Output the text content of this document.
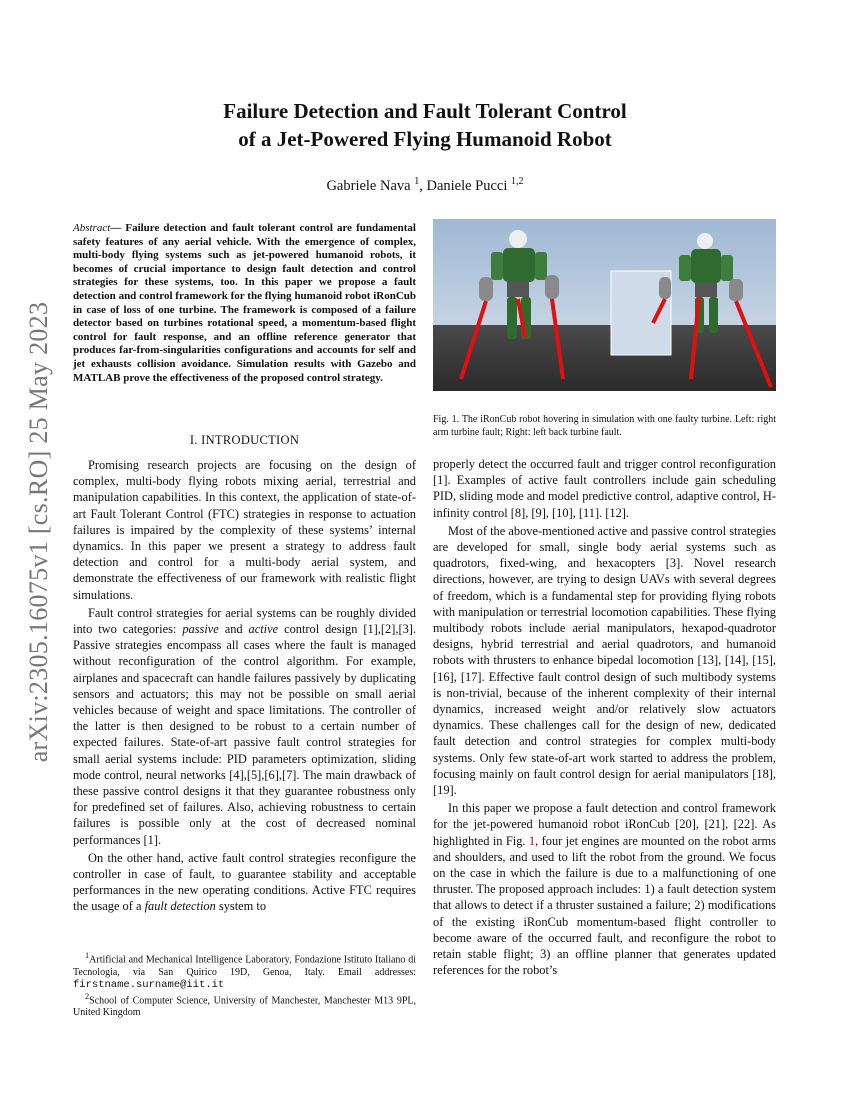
arXiv:2305.16075v1 [cs.RO] 25 May 2023
Failure Detection and Fault Tolerant Control
of a Jet-Powered Flying Humanoid Robot
Gabriele Nava $^1$, Daniele Pucci $^{1,2}$
Abstract— Failure detection and fault tolerant control are fundamental safety features of any aerial vehicle. With the emergence of complex, multi-body flying systems such as jet-powered humanoid robots, it becomes of crucial importance to design fault detection and control strategies for these systems, too. In this paper we propose a fault detection and control framework for the flying humanoid robot iRonCub in case of loss of one turbine. The framework is composed of a failure detector based on turbines rotational speed, a momentum-based flight control for fault response, and an offline reference generator that produces far-from-singularities configurations and accounts for self and jet exhausts collision avoidance. Simulation results with Gazebo and MATLAB prove the effectiveness of the proposed control strategy.
I. INTRODUCTION

Promising research projects are focusing on the design of complex, multi-body flying robots mixing aerial, terrestrial and manipulation capabilities. In this context, the application of state-of-art Fault Tolerant Control (FTC) strategies in response to actuation failures is impaired by the complexity of these systems’ internal dynamics. In this paper we present a strategy to address fault detection and control for a multi-body aerial system, and demonstrate the effectiveness of our framework with realistic flight simulations.

Fault control strategies for aerial systems can be roughly divided into two categories: passive and active control design [1],[2],[3]. Passive strategies encompass all cases where the fault is managed without reconfiguration of the control algorithm. For example, airplanes and spacecraft can handle failures passively by duplicating sensors and actuators; this may not be possible on small aerial vehicles because of weight and space limitations. The controller of the latter is then designed to be robust to a certain number of expected failures. State-of-art passive fault control strategies for small aerial systems include: PID parameters optimization, sliding mode control, neural networks [4],[5],[6],[7]. The main drawback of these passive control designs it that they guarantee robustness only for predefined set of failures. Also, achieving robustness to certain failures is possible only at the cost of decreased nominal performances [1].

On the other hand, active fault control strategies reconfigure the controller in case of fault, to guarantee stability and acceptable performances in the new operating conditions. Active FTC requires the usage of a fault detection system to

$^1$Artificial and Mechanical Intelligence Laboratory, Fondazione Istituto Italiano di Tecnologia, via San Quirico 19D, Genoa, Italy. Email addresses: firstname.surname@iit.it

$^2$School of Computer Science, University of Manchester, Manchester M13 9PL, United Kingdom

Fig. 1. The iRonCub robot hovering in simulation with one faulty turbine. Left: right arm turbine fault; Right: left back turbine fault.

properly detect the occurred fault and trigger control reconfiguration [1]. Examples of active fault controllers include gain scheduling PID, sliding mode and model predictive control, adaptive control, H-infinity control [8], [9], [10], [11]. [12].

Most of the above-mentioned active and passive control strategies are developed for small, single body aerial systems such as quadrotors, fixed-wing, and hexacopters [3]. Novel research directions, however, are trying to design UAVs with several degrees of freedom, which is a fundamental step for providing flying robots with manipulation or terrestrial locomotion capabilities. These flying multibody robots include aerial manipulators, hexapod-quadrotor designs, hybrid terrestrial and aerial quadrotors, and humanoid robots with thrusters to enhance bipedal locomotion [13], [14], [15], [16], [17]. Effective fault control design of such multibody systems is non-trivial, because of the inherent complexity of their internal dynamics, increased weight and/or relatively slow actuators dynamics. These challenges call for the design of new, dedicated fault detection and control strategies for complex multi-body systems. Only few state-of-art work started to address the problem, focusing mainly on fault control design for aerial manipulators [18], [19].

In this paper we propose a fault detection and control framework for the jet-powered humanoid robot iRonCub [20], [21], [22]. As highlighted in Fig. 1, four jet engines are mounted on the robot arms and shoulders, and used to lift the robot from the ground. We focus on the case in which the failure is due to a malfunctioning of one thruster. The proposed approach includes: 1) a fault detection system that allows to detect if a thruster sustained a failure; 2) modifications of the existing iRonCub momentum-based flight controller to become aware of the occurred fault, and reconfigure the robot to retain stable flight; 3) an offline planner that generates updated references for the robot’s
